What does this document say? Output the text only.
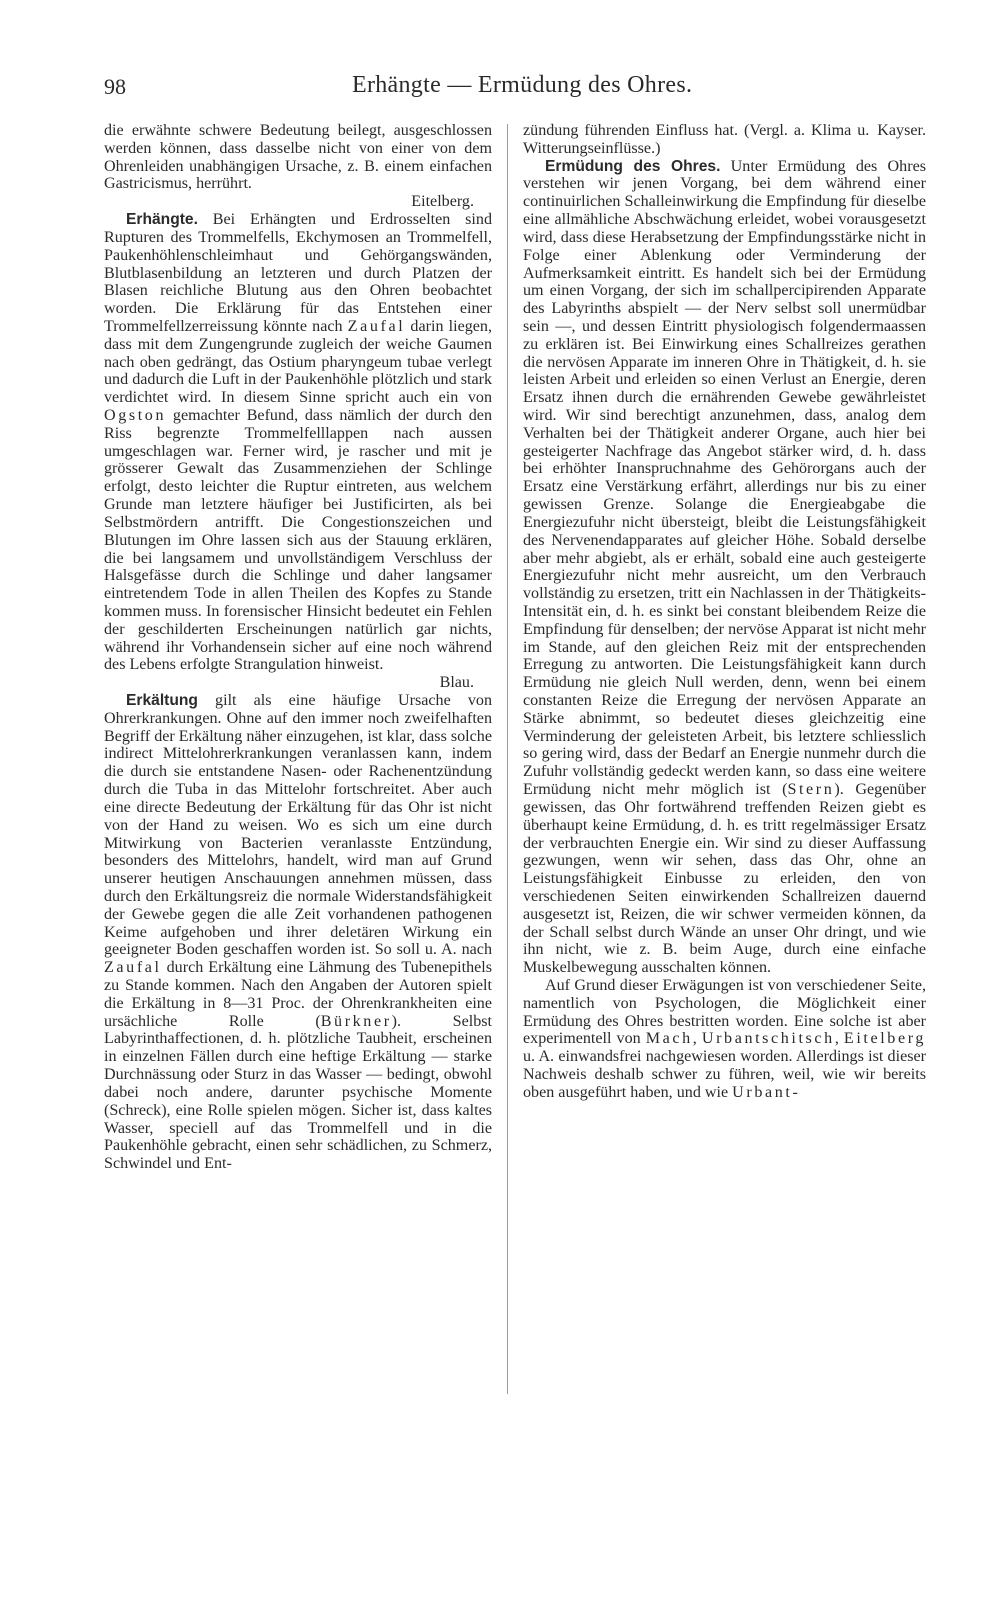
98	Erhängte — Ermüdung des Ohres.

die erwähnte schwere Bedeutung beilegt, ausgeschlossen werden können, dass dasselbe nicht von einer von dem Ohrenleiden unabhängigen Ursache, z. B. einem einfachen Gastricismus, herrührt.
Eitelberg.

Erhängte. Bei Erhängten und Erdrosselten sind Rupturen des Trommelfells, Ekchymosen an Trommelfell, Paukenhöhlenschleimhaut und Gehörgangswänden, Blutblasenbildung an letzteren und durch Platzen der Blasen reichliche Blutung aus den Ohren beobachtet worden. Die Erklärung für das Entstehen einer Trommelfellzerreissung könnte nach Zaufal darin liegen, dass mit dem Zungengrunde zugleich der weiche Gaumen nach oben gedrängt, das Ostium pharyngeum tubae verlegt und dadurch die Luft in der Paukenhöhle plötzlich und stark verdichtet wird. In diesem Sinne spricht auch ein von Ogston gemachter Befund, dass nämlich der durch den Riss begrenzte Trommelfelllappen nach aussen umgeschlagen war. Ferner wird, je rascher und mit je grösserer Gewalt das Zusammenziehen der Schlinge erfolgt, desto leichter die Ruptur eintreten, aus welchem Grunde man letztere häufiger bei Justificirten, als bei Selbstmördern antrifft. Die Congestionszeichen und Blutungen im Ohre lassen sich aus der Stauung erklären, die bei langsamem und unvollständigem Verschluss der Halsgefässe durch die Schlinge und daher langsamer eintretendem Tode in allen Theilen des Kopfes zu Stande kommen muss. In forensischer Hinsicht bedeutet ein Fehlen der geschilderten Erscheinungen natürlich gar nichts, während ihr Vorhandensein sicher auf eine noch während des Lebens erfolgte Strangulation hinweist.
Blau.

Erkältung gilt als eine häufige Ursache von Ohrerkrankungen. Ohne auf den immer noch zweifelhaften Begriff der Erkältung näher einzugehen, ist klar, dass solche indirect Mittelohrerkrankungen veranlassen kann, indem die durch sie entstandene Nasen- oder Rachenentzündung durch die Tuba in das Mittelohr fortschreitet. Aber auch eine directe Bedeutung der Erkältung für das Ohr ist nicht von der Hand zu weisen. Wo es sich um eine durch Mitwirkung von Bacterien veranlasste Entzündung, besonders des Mittelohrs, handelt, wird man auf Grund unserer heutigen Anschauungen annehmen müssen, dass durch den Erkältungsreiz die normale Widerstandsfähigkeit der Gewebe gegen die alle Zeit vorhandenen pathogenen Keime aufgehoben und ihrer deletären Wirkung ein geeigneter Boden geschaffen worden ist. So soll u. A. nach Zaufal durch Erkältung eine Lähmung des Tubenepithels zu Stande kommen. Nach den Angaben der Autoren spielt die Erkältung in 8—31 Proc. der Ohrenkrankheiten eine ursächliche Rolle (Bürkner). Selbst Labyrinthaffectionen, d. h. plötzliche Taubheit, erscheinen in einzelnen Fällen durch eine heftige Erkältung — starke Durchnässung oder Sturz in das Wasser — bedingt, obwohl dabei noch andere, darunter psychische Momente (Schreck), eine Rolle spielen mögen. Sicher ist, dass kaltes Wasser, speciell auf das Trommelfell und in die Paukenhöhle gebracht, einen sehr schädlichen, zu Schmerz, Schwindel und Ent-

Kayser.
zündung führenden Einfluss hat. (Vergl. a. Klima u. Witterungseinflüsse.)

Ermüdung des Ohres. Unter Ermüdung des Ohres verstehen wir jenen Vorgang, bei dem während einer continuirlichen Schalleinwirkung die Empfindung für dieselbe eine allmähliche Abschwächung erleidet, wobei vorausgesetzt wird, dass diese Herabsetzung der Empfindungsstärke nicht in Folge einer Ablenkung oder Verminderung der Aufmerksamkeit eintritt. Es handelt sich bei der Ermüdung um einen Vorgang, der sich im schallpercipirenden Apparate des Labyrinths abspielt — der Nerv selbst soll unermüdbar sein —, und dessen Eintritt physiologisch folgendermaassen zu erklären ist. Bei Einwirkung eines Schallreizes gerathen die nervösen Apparate im inneren Ohre in Thätigkeit, d. h. sie leisten Arbeit und erleiden so einen Verlust an Energie, deren Ersatz ihnen durch die ernährenden Gewebe gewährleistet wird. Wir sind berechtigt anzunehmen, dass, analog dem Verhalten bei der Thätigkeit anderer Organe, auch hier bei gesteigerter Nachfrage das Angebot stärker wird, d. h. dass bei erhöhter Inanspruchnahme des Gehörorgans auch der Ersatz eine Verstärkung erfährt, allerdings nur bis zu einer gewissen Grenze. Solange die Energieabgabe die Energiezufuhr nicht übersteigt, bleibt die Leistungsfähigkeit des Nervenendapparates auf gleicher Höhe. Sobald derselbe aber mehr abgiebt, als er erhält, sobald eine auch gesteigerte Energiezufuhr nicht mehr ausreicht, um den Verbrauch vollständig zu ersetzen, tritt ein Nachlassen in der Thätigkeits-Intensität ein, d. h. es sinkt bei constant bleibendem Reize die Empfindung für denselben; der nervöse Apparat ist nicht mehr im Stande, auf den gleichen Reiz mit der entsprechenden Erregung zu antworten. Die Leistungsfähigkeit kann durch Ermüdung nie gleich Null werden, denn, wenn bei einem constanten Reize die Erregung der nervösen Apparate an Stärke abnimmt, so bedeutet dieses gleichzeitig eine Verminderung der geleisteten Arbeit, bis letztere schliesslich so gering wird, dass der Bedarf an Energie nunmehr durch die Zufuhr vollständig gedeckt werden kann, so dass eine weitere Ermüdung nicht mehr möglich ist (Stern). Gegenüber gewissen, das Ohr fortwährend treffenden Reizen giebt es überhaupt keine Ermüdung, d. h. es tritt regelmässiger Ersatz der verbrauchten Energie ein. Wir sind zu dieser Auffassung gezwungen, wenn wir sehen, dass das Ohr, ohne an Leistungsfähigkeit Einbusse zu erleiden, den von verschiedenen Seiten einwirkenden Schallreizen dauernd ausgesetzt ist, Reizen, die wir schwer vermeiden können, da der Schall selbst durch Wände an unser Ohr dringt, und wie ihn nicht, wie z. B. beim Auge, durch eine einfache Muskelbewegung ausschalten können.

Auf Grund dieser Erwägungen ist von verschiedener Seite, namentlich von Psychologen, die Möglichkeit einer Ermüdung des Ohres bestritten worden. Eine solche ist aber experimentell von Mach, Urbantschitsch, Eitelberg u. A. einwandsfrei nachgewiesen worden. Allerdings ist dieser Nachweis deshalb schwer zu führen, weil, wie wir bereits oben ausgeführt haben, und wie Urbant-
